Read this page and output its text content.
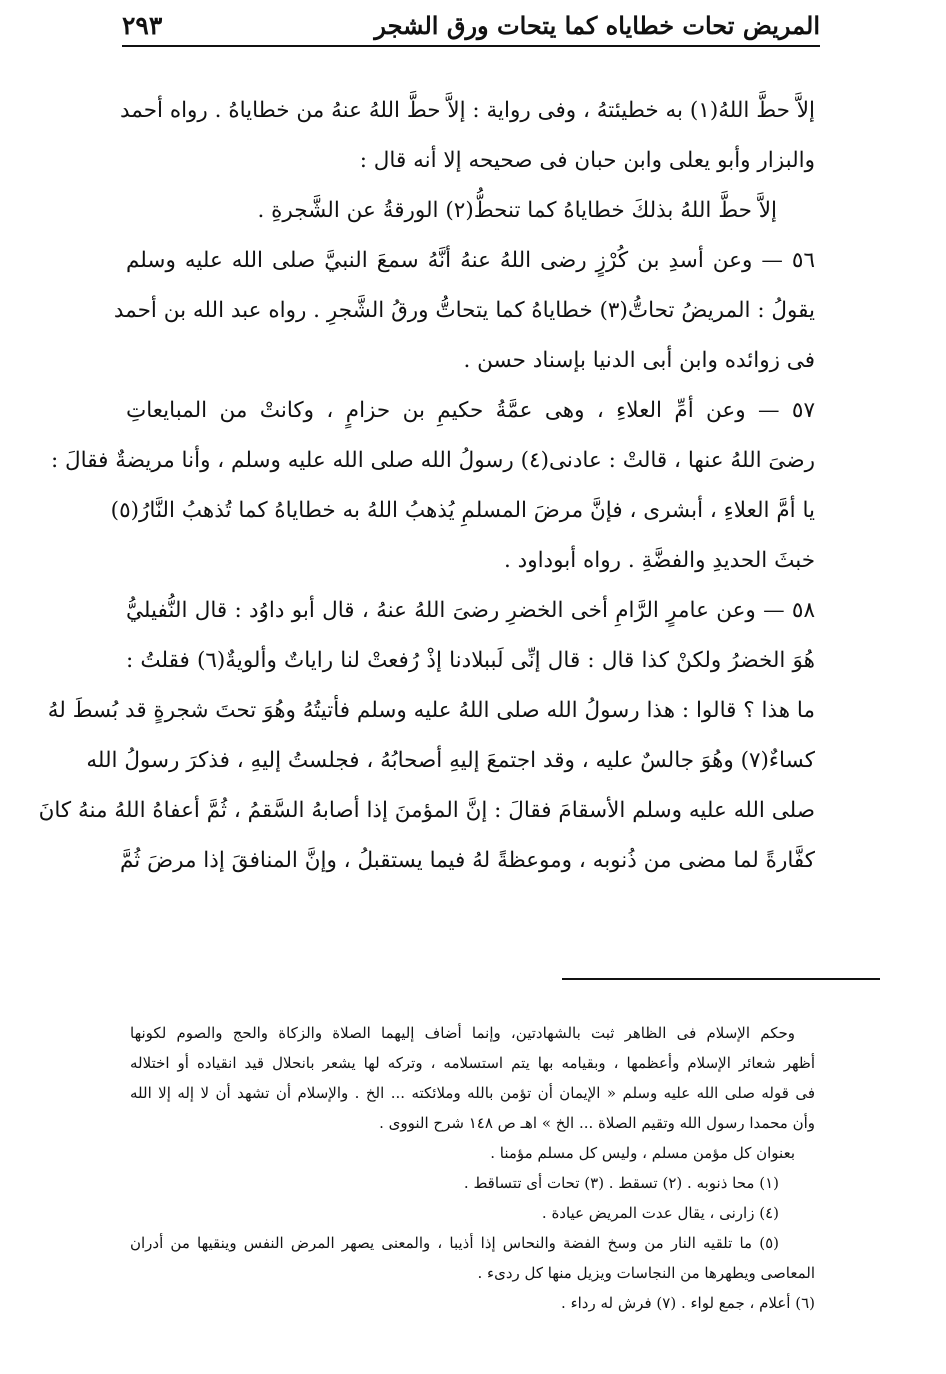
المريض تحات خطاياه كما يتحات ورق الشجر
٢٩٣
إلاَّ حطَّ اللهُ(١) به خطيئتهُ ، وفى رواية : إلاَّ حطَّ اللهُ عنهُ من خطاياهُ . رواه أحمد
والبزار وأبو يعلى وابن حبان فى صحيحه إلا أنه قال :
إلاَّ حطَّ اللهُ بذلكَ خطاياهُ كما تنحطُّ(٢) الورقةُ عن الشَّجرةِ .
٥٦ — وعن أسدِ بن كُرْزٍ رضى اللهُ عنهُ أنَّهُ سمعَ النبيَّ صلى الله عليه وسلم
يقولُ : المريضُ تحاتُّ(٣) خطاياهُ كما يتحاتُّ ورقُ الشَّجرِ . رواه عبد الله بن أحمد
فى زوائده وابن أبى الدنيا بإسناد حسن .
٥٧ — وعن أمِّ العلاءِ ، وهى عمَّةُ حكيمِ بن حزامٍ ، وكانتْ من المبايعاتِ
رضىَ اللهُ عنها ، قالتْ : عادنى(٤) رسولُ الله صلى الله عليه وسلم ، وأنا مريضةٌ فقالَ :
يا أمَّ العلاءِ ، أبشرى ، فإنَّ مرضَ المسلمِ يُذهبُ اللهُ به خطاياهُ كما تُذهبُ النَّارُ(٥)
خبثَ الحديدِ والفضَّةِ . رواه أبوداود .
٥٨ — وعن عامرٍ الرَّامِ أخى الخضرِ رضىَ اللهُ عنهُ ، قال أبو داوُد : قال النُّفيليُّ
هُوَ الخضرُ ولكنْ كذا قال : قال إنِّى لَببلادنا إذْ رُفعتْ لنا راياتٌ وألويةٌ(٦) فقلتُ :
ما هذا ؟ قالوا : هذا رسولُ الله صلى اللهُ عليه وسلم فأتيتُهُ وهُوَ تحتَ شجرةٍ قد بُسطَ لهُ
كساءٌ(٧) وهُوَ جالسٌ عليه ، وقد اجتمعَ إليهِ أصحابُهُ ، فجلستُ إليهِ ، فذكرَ رسولُ الله
صلى الله عليه وسلم الأسقامَ فقالَ : إنَّ المؤمنَ إذا أصابهُ السَّقمُ ، ثُمَّ أعفاهُ اللهُ منهُ كانَ
كفَّارةً لما مضى من ذُنوبه ، وموعظةً لهُ فيما يستقبلُ ، وإنَّ المنافقَ إذا مرضَ ثُمَّ
وحكم الإسلام فى الظاهر ثبت بالشهادتين، وإنما أضاف إليهما الصلاة والزكاة والحج والصوم لكونها
أظهر شعائر الإسلام وأعظمها ، وبقيامه بها يتم استسلامه ، وتركه لها يشعر بانحلال قيد انقياده أو اختلاله
فى قوله صلى الله عليه وسلم « الإيمان أن تؤمن بالله وملائكته ... الخ . والإسلام أن تشهد أن لا إله إلا الله
وأن محمدا رسول الله وتقيم الصلاة ... الخ » اهـ ص ١٤٨ شرح النووى .
بعنوان كل مؤمن مسلم ، وليس كل مسلم مؤمنا .
(١) محا ذنوبه . (٢) تسقط . (٣) تحات أى تتساقط .
(٤) زارنى ، يقال عدت المريض عيادة .
(٥) ما تلقيه النار من وسخ الفضة والنحاس إذا أذيبا ، والمعنى يصهر المرض النفس وينقيها من أدران
المعاصى ويطهرها من النجاسات ويزيل منها كل ردىء .
(٦) أعلام ، جمع لواء . (٧) فرش له رداء .
